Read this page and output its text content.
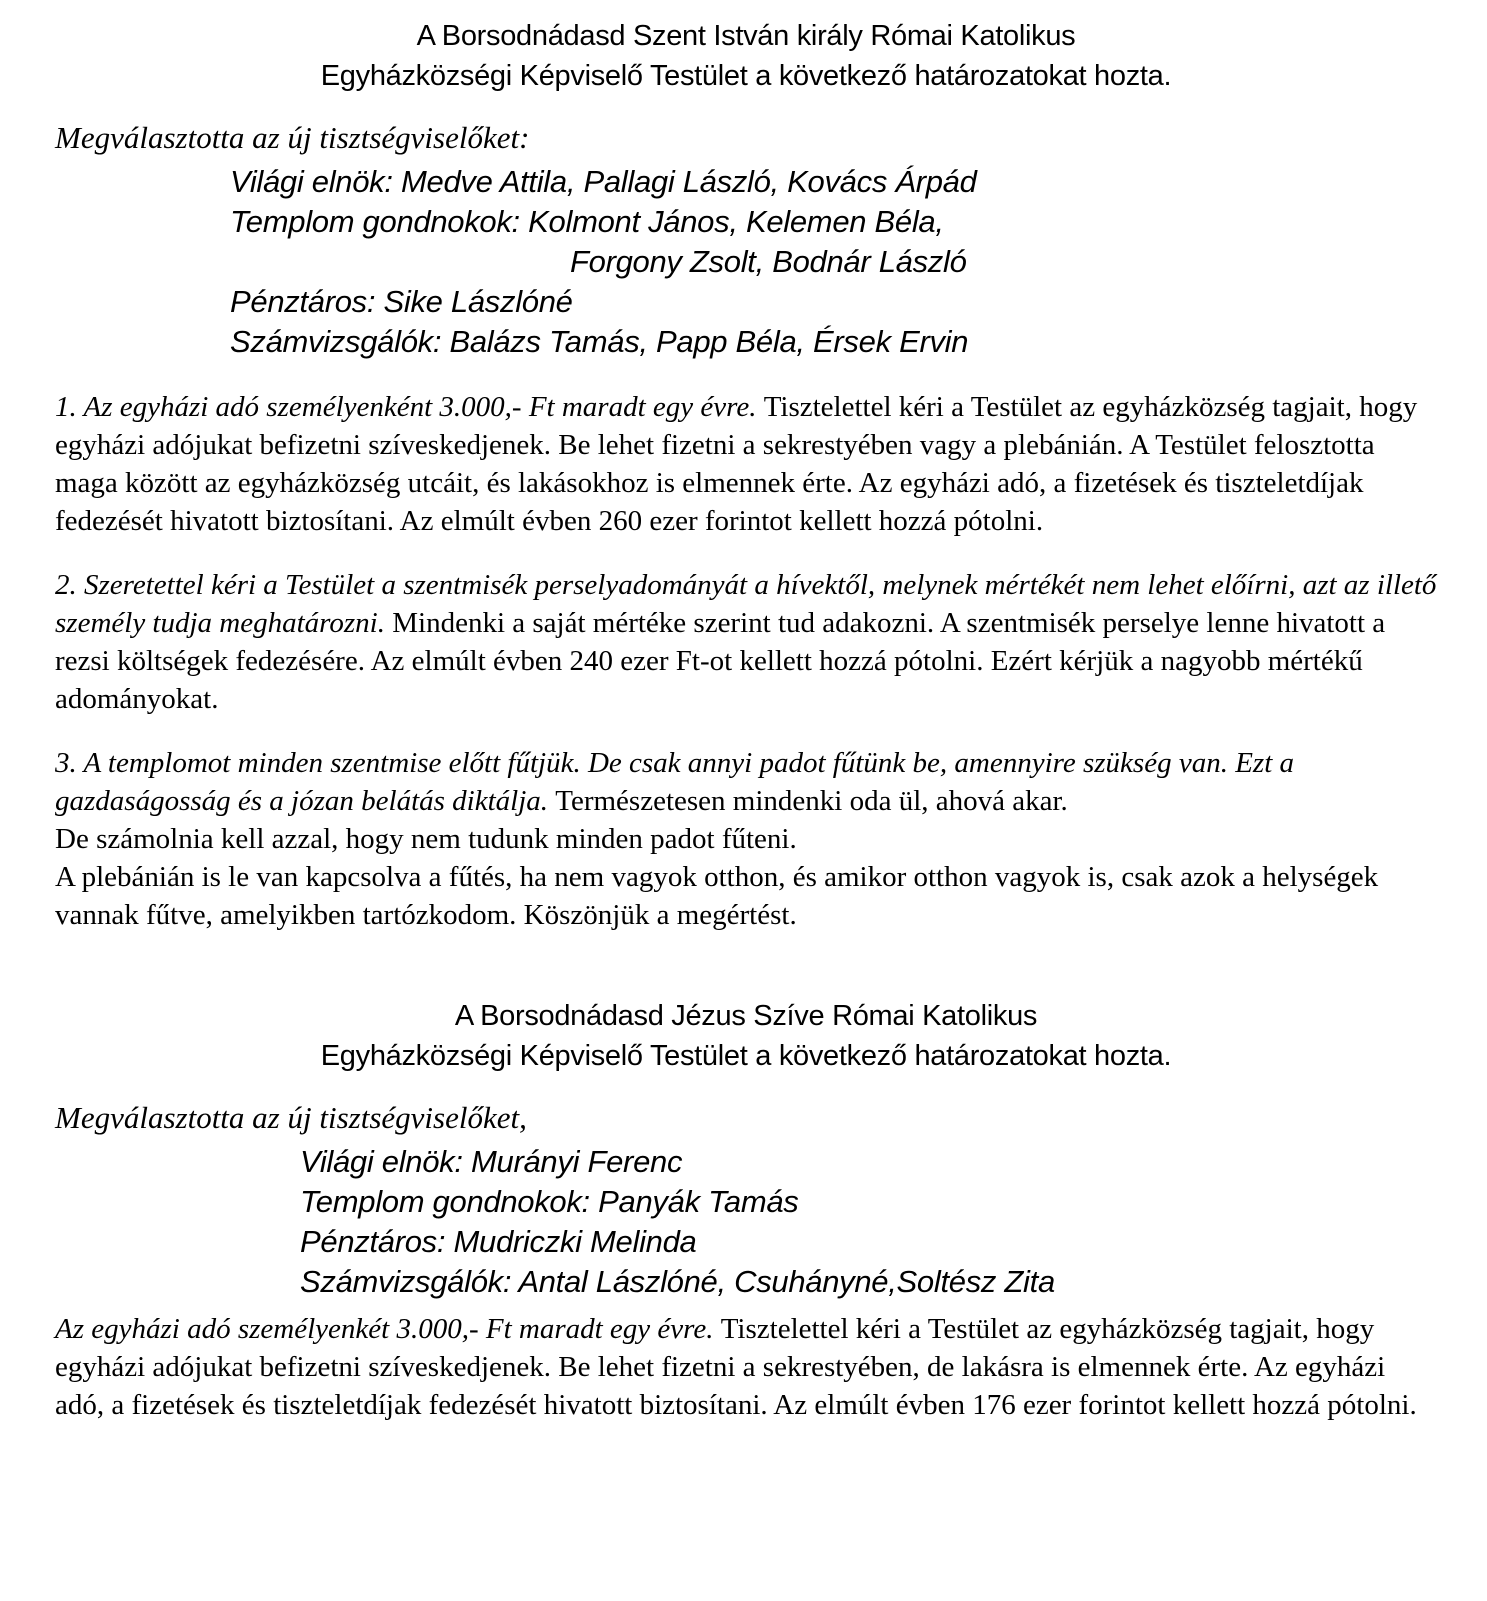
A Borsodnádasd Szent István király Római Katolikus
Egyházközségi Képviselő Testület a következő határozatokat hozta.

Megválasztotta az új tisztségviselőket:

Világi elnök: Medve Attila, Pallagi László, Kovács Árpád
Templom gondnokok: Kolmont János, Kelemen Béla,
Forgony Zsolt, Bodnár László
Pénztáros: Sike Lászlóné
Számvizsgálók: Balázs Tamás, Papp Béla, Érsek Ervin

1. Az egyházi adó személyenként 3.000,- Ft maradt egy évre. Tisztelettel kéri a Testület az egyházközség tagjait, hogy egyházi adójukat befizetni szíveskedjenek. Be lehet fizetni a sekrestyében vagy a plebánián. A Testület felosztotta maga között az egyházközség utcáit, és lakásokhoz is elmennek érte. Az egyházi adó, a fizetések és tiszteletdíjak fedezését hivatott biztosítani. Az elmúlt évben 260 ezer forintot kellett hozzá pótolni.

2. Szeretettel kéri a Testület a szentmisék perselyadományát a hívektől, melynek mértékét nem lehet előírni, azt az illető személy tudja meghatározni. Mindenki a saját mértéke szerint tud adakozni. A szentmisék perselye lenne hivatott a rezsi költségek fedezésére. Az elmúlt évben 240 ezer Ft-ot kellett hozzá pótolni. Ezért kérjük a nagyobb mértékű adományokat.

3. A templomot minden szentmise előtt fűtjük. De csak annyi padot fűtünk be, amennyire szükség van. Ezt a gazdaságosság és a józan belátás diktálja. Természetesen mindenki oda ül, ahová akar.
De számolnia kell azzal, hogy nem tudunk minden padot fűteni.
A plebánián is le van kapcsolva a fűtés, ha nem vagyok otthon, és amikor otthon vagyok is, csak azok a helységek vannak fűtve, amelyikben tartózkodom. Köszönjük a megértést.

A Borsodnádasd Jézus Szíve Római Katolikus
Egyházközségi Képviselő Testület a következő határozatokat hozta.

Megválasztotta az új tisztségviselőket,

Világi elnök: Murányi Ferenc
Templom gondnokok: Panyák Tamás
Pénztáros: Mudriczki Melinda
Számvizsgálók: Antal Lászlóné, Csuhányné,Soltész Zita

Az egyházi adó személyenkét 3.000,- Ft maradt egy évre. Tisztelettel kéri a Testület az egyházközség tagjait, hogy egyházi adójukat befizetni szíveskedjenek. Be lehet fizetni a sekrestyében, de lakásra is elmennek érte. Az egyházi adó, a fizetések és tiszteletdíjak fedezését hivatott biztosítani. Az elmúlt évben 176 ezer forintot kellett hozzá pótolni.
